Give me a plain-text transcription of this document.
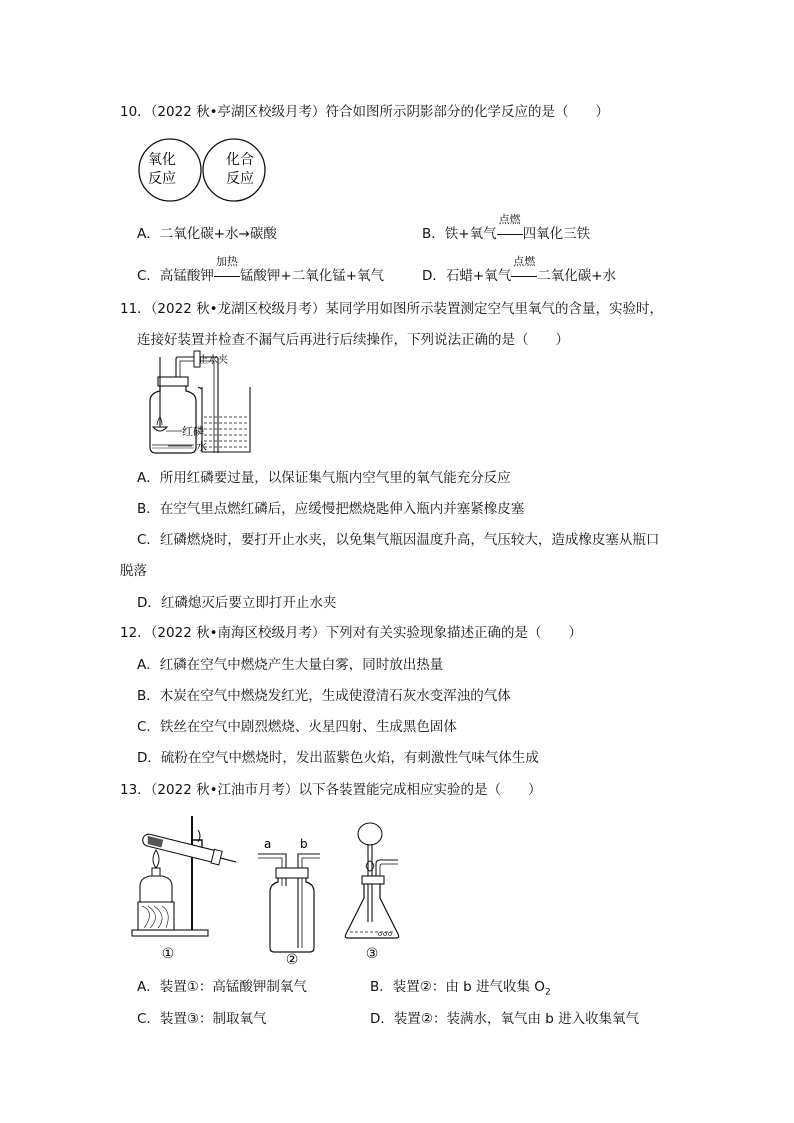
10．（2022 秋•亭湖区校级月考）符合如图所示阴影部分的化学反应的是（　　）
氧化
反应
化合
反应
A．二氧化碳+水→碳酸	B．铁+氧气
点燃
四氧化三铁
C．高锰酸钾
加热
锰酸钾+二氧化锰+氧气	D．石蜡+氧气
点燃
二氧化碳+水
11．（2022 秋•龙湖区校级月考）某同学用如图所示装置测定空气里氧气的含量，实验时，
连接好装置并检查不漏气后再进行后续操作，下列说法正确的是（　　）
止水夹
红磷
水
A．所用红磷要过量，以保证集气瓶内空气里的氧气能充分反应
B．在空气里点燃红磷后，应缓慢把燃烧匙伸入瓶内并塞紧橡皮塞
C．红磷燃烧时，要打开止水夹，以免集气瓶因温度升高，气压较大，造成橡皮塞从瓶口
脱落
D．红磷熄灭后要立即打开止水夹
12．（2022 秋•南海区校级月考）下列对有关实验现象描述正确的是（　　）
A．红磷在空气中燃烧产生大量白雾，同时放出热量
B．木炭在空气中燃烧发红光，生成使澄清石灰水变浑浊的气体
C．铁丝在空气中剧烈燃烧、火星四射、生成黑色固体
D．硫粉在空气中燃烧时，发出蓝紫色火焰，有刺激性气味气体生成
13．（2022 秋•江油市月考）以下各装置能完成相应实验的是（　　）
①
a b
②	③
A．装置①：高锰酸钾制氧气	B．装置②：由 b 进气收集 $O_2$
C．装置③：制取氧气	D．装置②：装满水，氧气由 b 进入收集氧气
